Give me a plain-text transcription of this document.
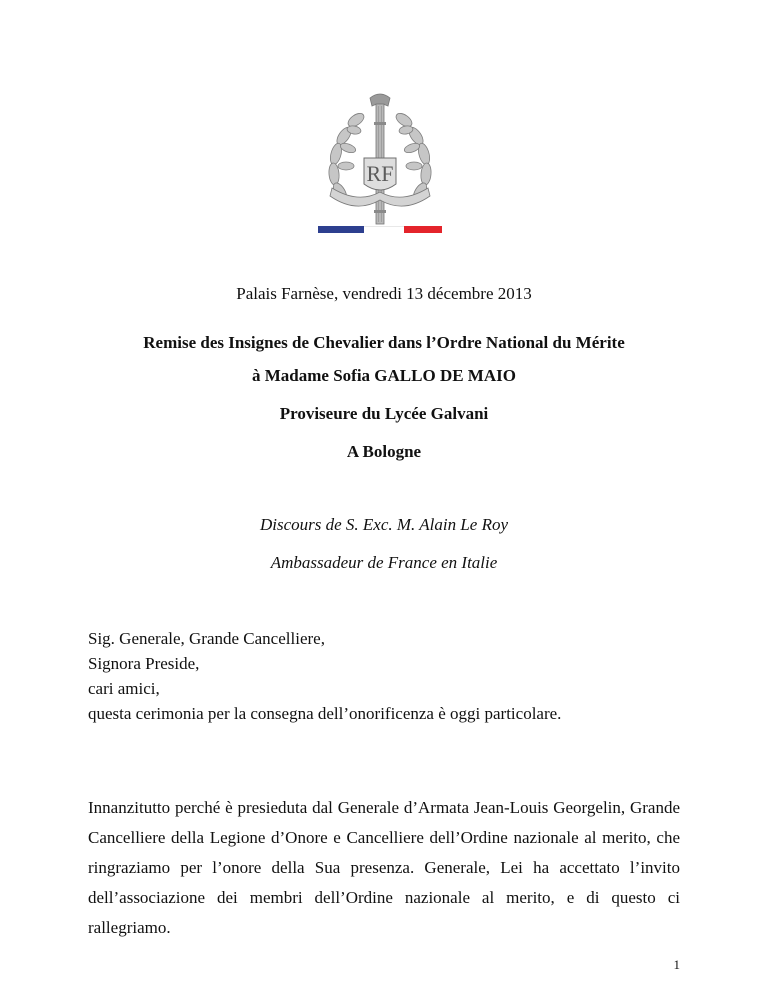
RF
Palais Farnèse, vendredi 13 décembre 2013
Remise des Insignes de Chevalier dans l’Ordre National du Mérite
à Madame Sofia GALLO DE MAIO
Proviseure du Lycée Galvani
A Bologne
Discours de S. Exc. M. Alain Le Roy
Ambassadeur de France en Italie

Sig. Generale, Grande Cancelliere,

Signora Preside,

cari amici,

questa cerimonia per la consegna dell’onorificenza è oggi particolare.

Innanzitutto perché è presieduta dal Generale d’Armata Jean-Louis Georgelin, Grande Cancelliere della Legione d’Onore e Cancelliere dell’Ordine nazionale al merito, che ringraziamo per l’onore della Sua presenza. Generale, Lei ha accettato l’invito dell’associazione dei membri dell’Ordine nazionale al merito, e di questo ci rallegriamo.
1
